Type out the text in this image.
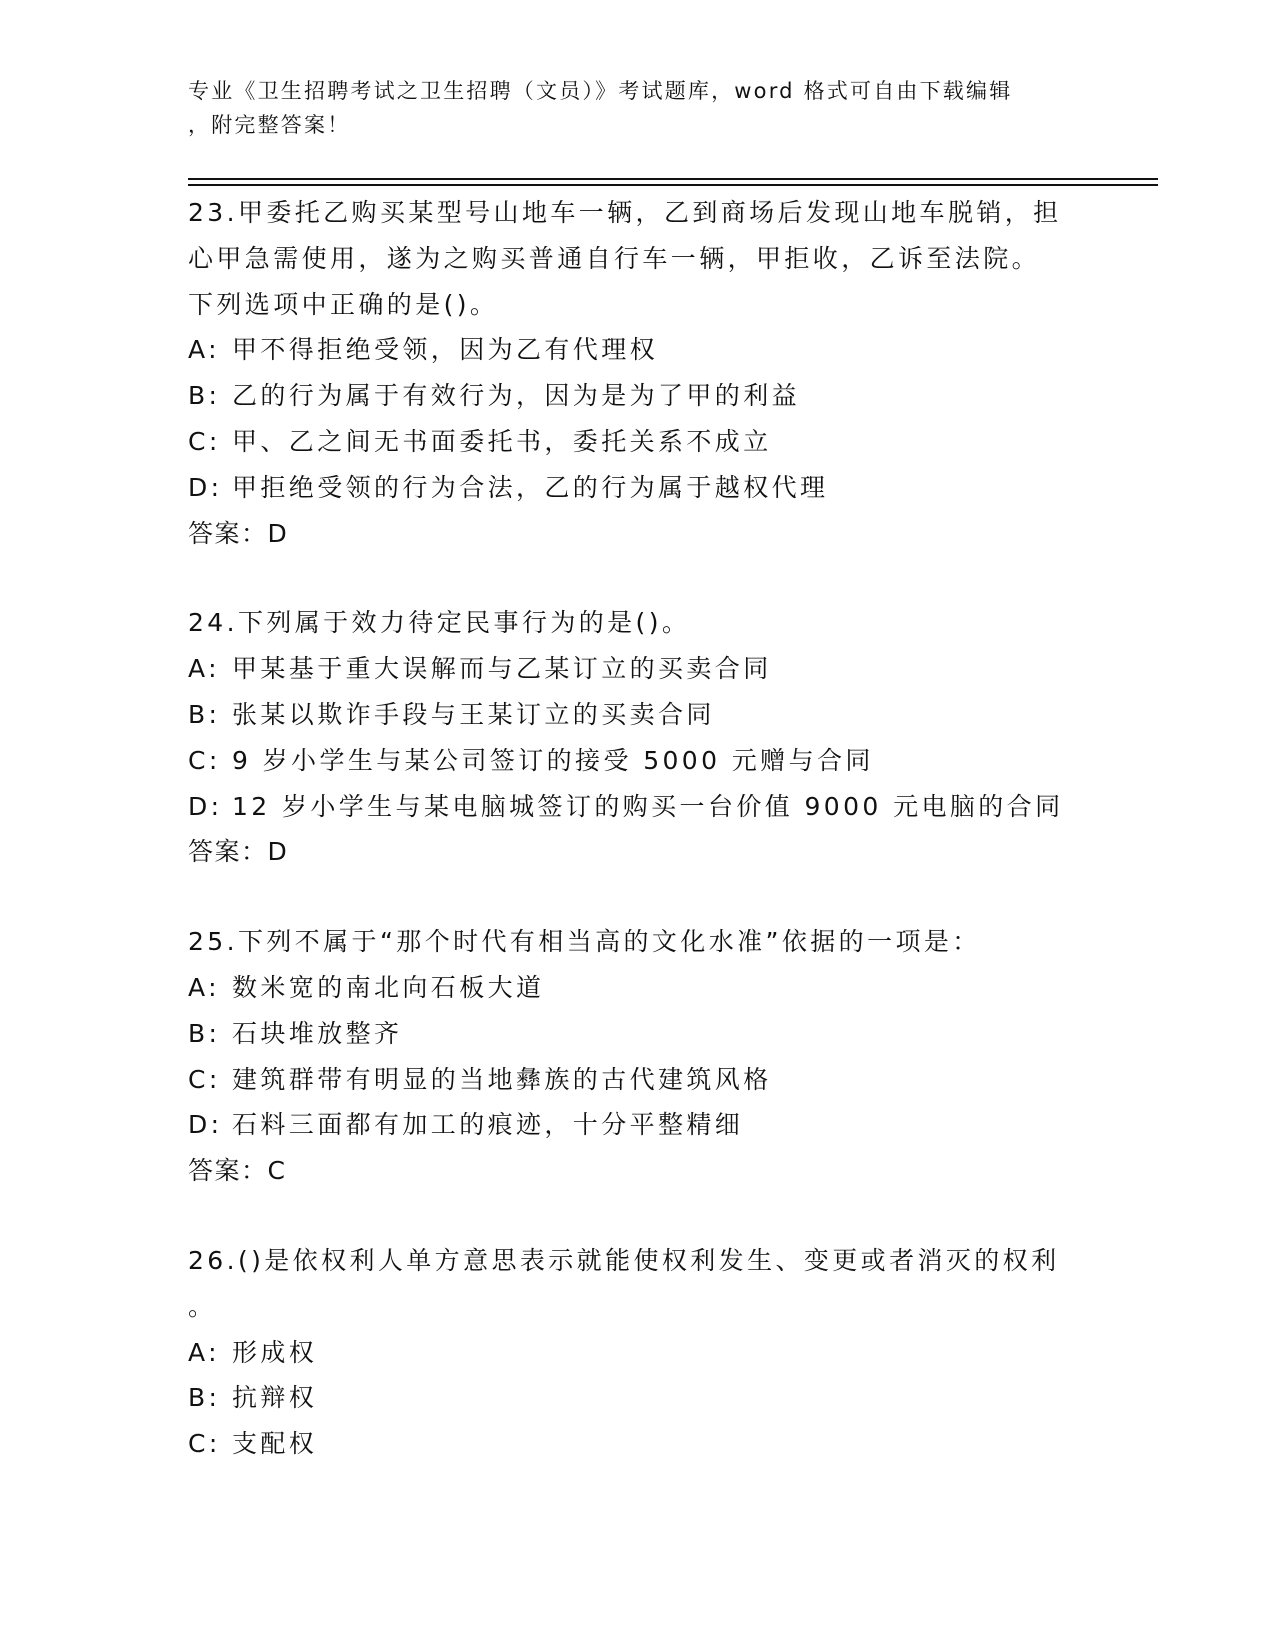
专业《卫生招聘考试之卫生招聘（文员）》考试题库，word 格式可自由下载编辑
，附完整答案！
23.甲委托乙购买某型号山地车一辆，乙到商场后发现山地车脱销，担
心甲急需使用，遂为之购买普通自行车一辆，甲拒收，乙诉至法院。
下列选项中正确的是()。
A: 甲不得拒绝受领，因为乙有代理权
B: 乙的行为属于有效行为，因为是为了甲的利益
C: 甲、乙之间无书面委托书，委托关系不成立
D: 甲拒绝受领的行为合法，乙的行为属于越权代理
答案：D
24.下列属于效力待定民事行为的是()。
A: 甲某基于重大误解而与乙某订立的买卖合同
B: 张某以欺诈手段与王某订立的买卖合同
C: 9 岁小学生与某公司签订的接受 5000 元赠与合同
D: 12 岁小学生与某电脑城签订的购买一台价值 9000 元电脑的合同
答案：D
25.下列不属于“那个时代有相当高的文化水准”依据的一项是：
A: 数米宽的南北向石板大道
B: 石块堆放整齐
C: 建筑群带有明显的当地彝族的古代建筑风格
D: 石料三面都有加工的痕迹，十分平整精细
答案：C
26.()是依权利人单方意思表示就能使权利发生、变更或者消灭的权利
。
A: 形成权
B: 抗辩权
C: 支配权
